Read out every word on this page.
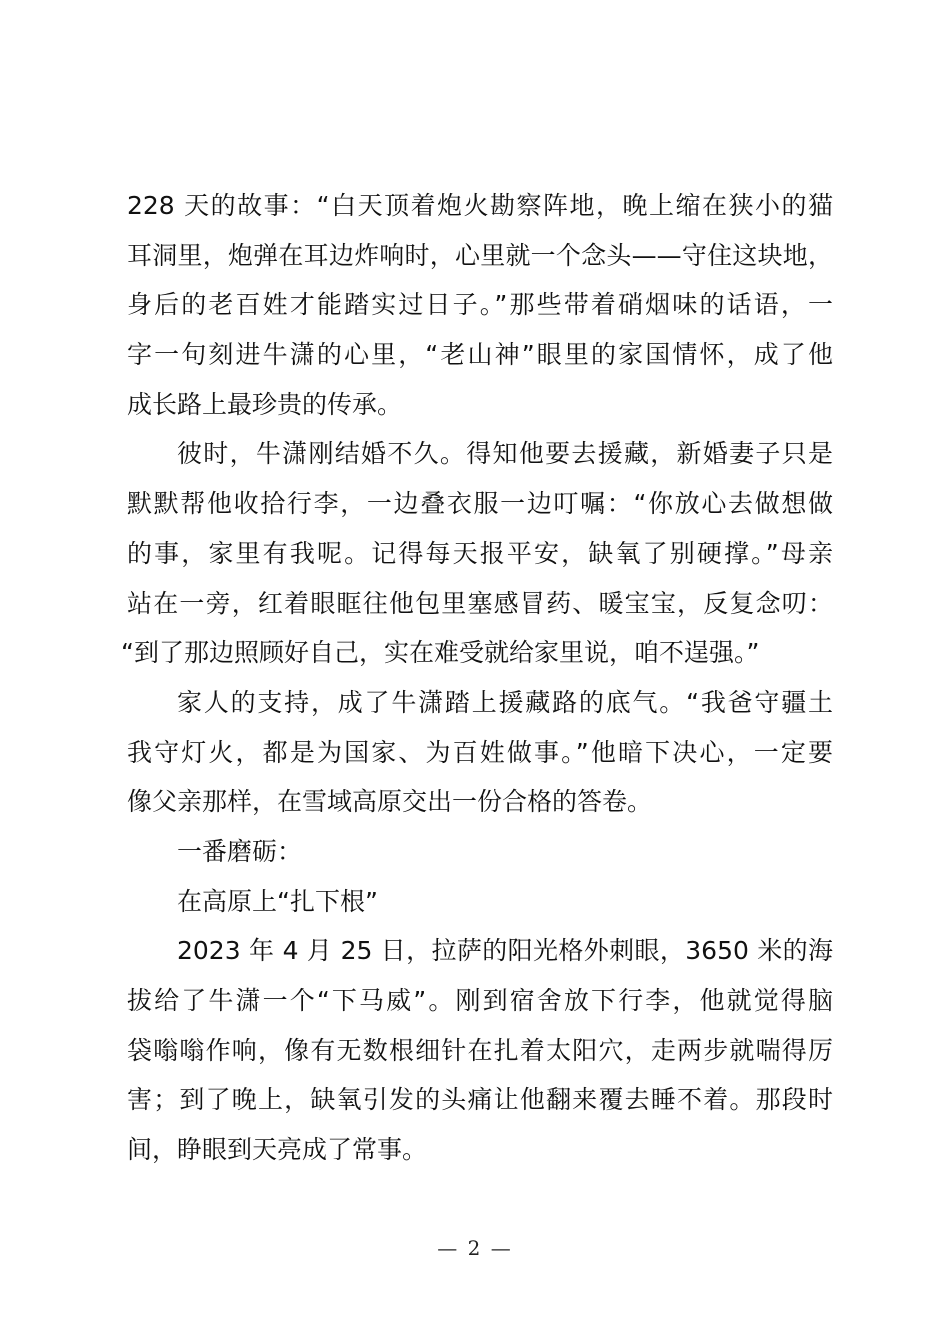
228 天的故事：“白天顶着炮火勘察阵地，晚上缩在狭小的猫
耳洞里，炮弹在耳边炸响时，心里就一个念头——守住这块地，
身后的老百姓才能踏实过日子。”那些带着硝烟味的话语，一
字一句刻进牛潇的心里，“老山神”眼里的家国情怀，成了他
成长路上最珍贵的传承。
彼时，牛潇刚结婚不久。得知他要去援藏，新婚妻子只是
默默帮他收拾行李，一边叠衣服一边叮嘱：“你放心去做想做
的事，家里有我呢。记得每天报平安，缺氧了别硬撑。”母亲
站在一旁，红着眼眶往他包里塞感冒药、暖宝宝，反复念叨：
“到了那边照顾好自己，实在难受就给家里说，咱不逞强。”
家人的支持，成了牛潇踏上援藏路的底气。“我爸守疆土
我守灯火，都是为国家、为百姓做事。”他暗下决心，一定要
像父亲那样，在雪域高原交出一份合格的答卷。
一番磨砺：
在高原上“扎下根”
2023 年 4 月 25 日，拉萨的阳光格外刺眼，3650 米的海
拔给了牛潇一个“下马威”。刚到宿舍放下行李，他就觉得脑
袋嗡嗡作响，像有无数根细针在扎着太阳穴，走两步就喘得厉
害；到了晚上，缺氧引发的头痛让他翻来覆去睡不着。那段时
间，睁眼到天亮成了常事。
— 2 —
